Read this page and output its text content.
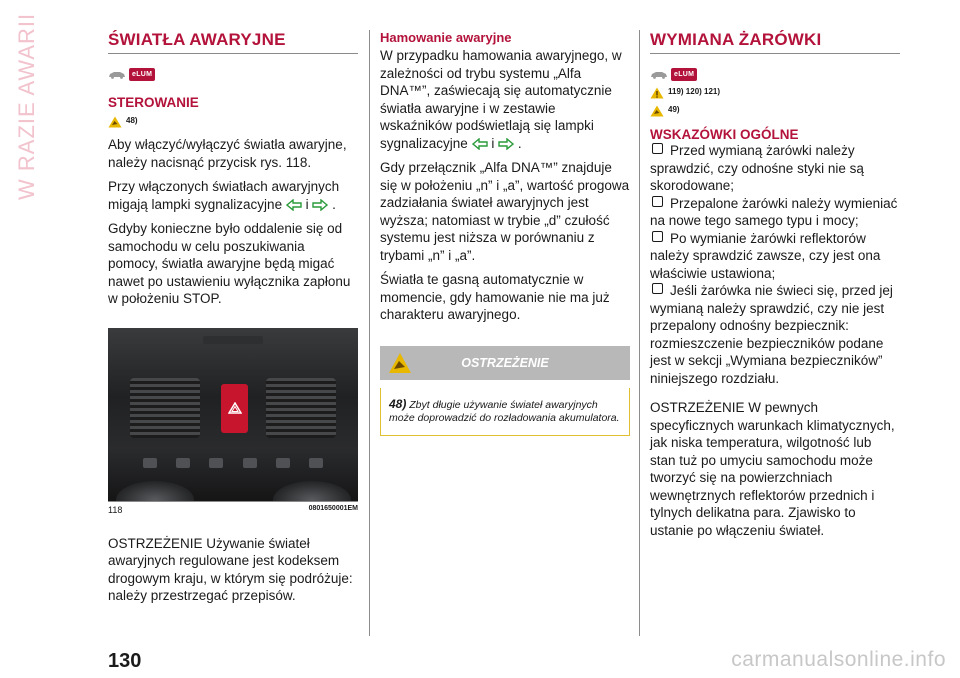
W RAZIE AWARII	ŚWIATŁA AWARYJNE
eLUM
STEROWANIE
48)

Aby włączyć/wyłączyć światła awaryjne, należy nacisnąć przycisk rys. 118.

Przy włączonych światłach awaryjnych migają lampki sygnalizacyjne i .

Gdyby konieczne było oddalenie się od samochodu w celu poszukiwania pomocy, światła awaryjne będą migać nawet po ustawieniu wyłącznika zapłonu w położeniu STOP.

118	0801650001EM

OSTRZEŻENIE Używanie świateł awaryjnych regulowane jest kodeksem drogowym kraju, w którym się podróżuje: należy przestrzegać przepisów.

Hamowanie awaryjne

W przypadku hamowania awaryjnego, w zależności od trybu systemu „Alfa DNA™”, zaświecają się automatycznie światła awaryjne i w zestawie wskaźników podświetlają się lampki sygnalizacyjne i .

Gdy przełącznik „Alfa DNA™” znajduje się w położeniu „n” i „a”, wartość progowa zadziałania świateł awaryjnych jest wyższa; natomiast w trybie „d” czułość systemu jest niższa w porównaniu z trybami „n” i „a”.

Światła te gasną automatycznie w momencie, gdy hamowanie nie ma już charakteru awaryjnego.

OSTRZEŻENIE

48) Zbyt długie używanie świateł awaryjnych może doprowadzić do rozładowania akumulatora.

WYMIANA ŻARÓWKI
eLUM
119) 120) 121)
49)
WSKAZÓWKI OGÓLNE

Przed wymianą żarówki należy sprawdzić, czy odnośne styki nie są skorodowane;

Przepalone żarówki należy wymieniać na nowe tego samego typu i mocy;

Po wymianie żarówki reflektorów należy sprawdzić zawsze, czy jest ona właściwie ustawiona;

Jeśli żarówka nie świeci się, przed jej wymianą należy sprawdzić, czy nie jest przepalony odnośny bezpiecznik: rozmieszczenie bezpieczników podane jest w sekcji „Wymiana bezpieczników” niniejszego rozdziału.

OSTRZEŻENIE W pewnych specyficznych warunkach klimatycznych, jak niska temperatura, wilgotność lub stan tuż po umyciu samochodu może tworzyć się na powierzchniach wewnętrznych reflektorów przednich i tylnych delikatna para. Zjawisko to ustanie po włączeniu świateł.

130	carmanualsonline.info
